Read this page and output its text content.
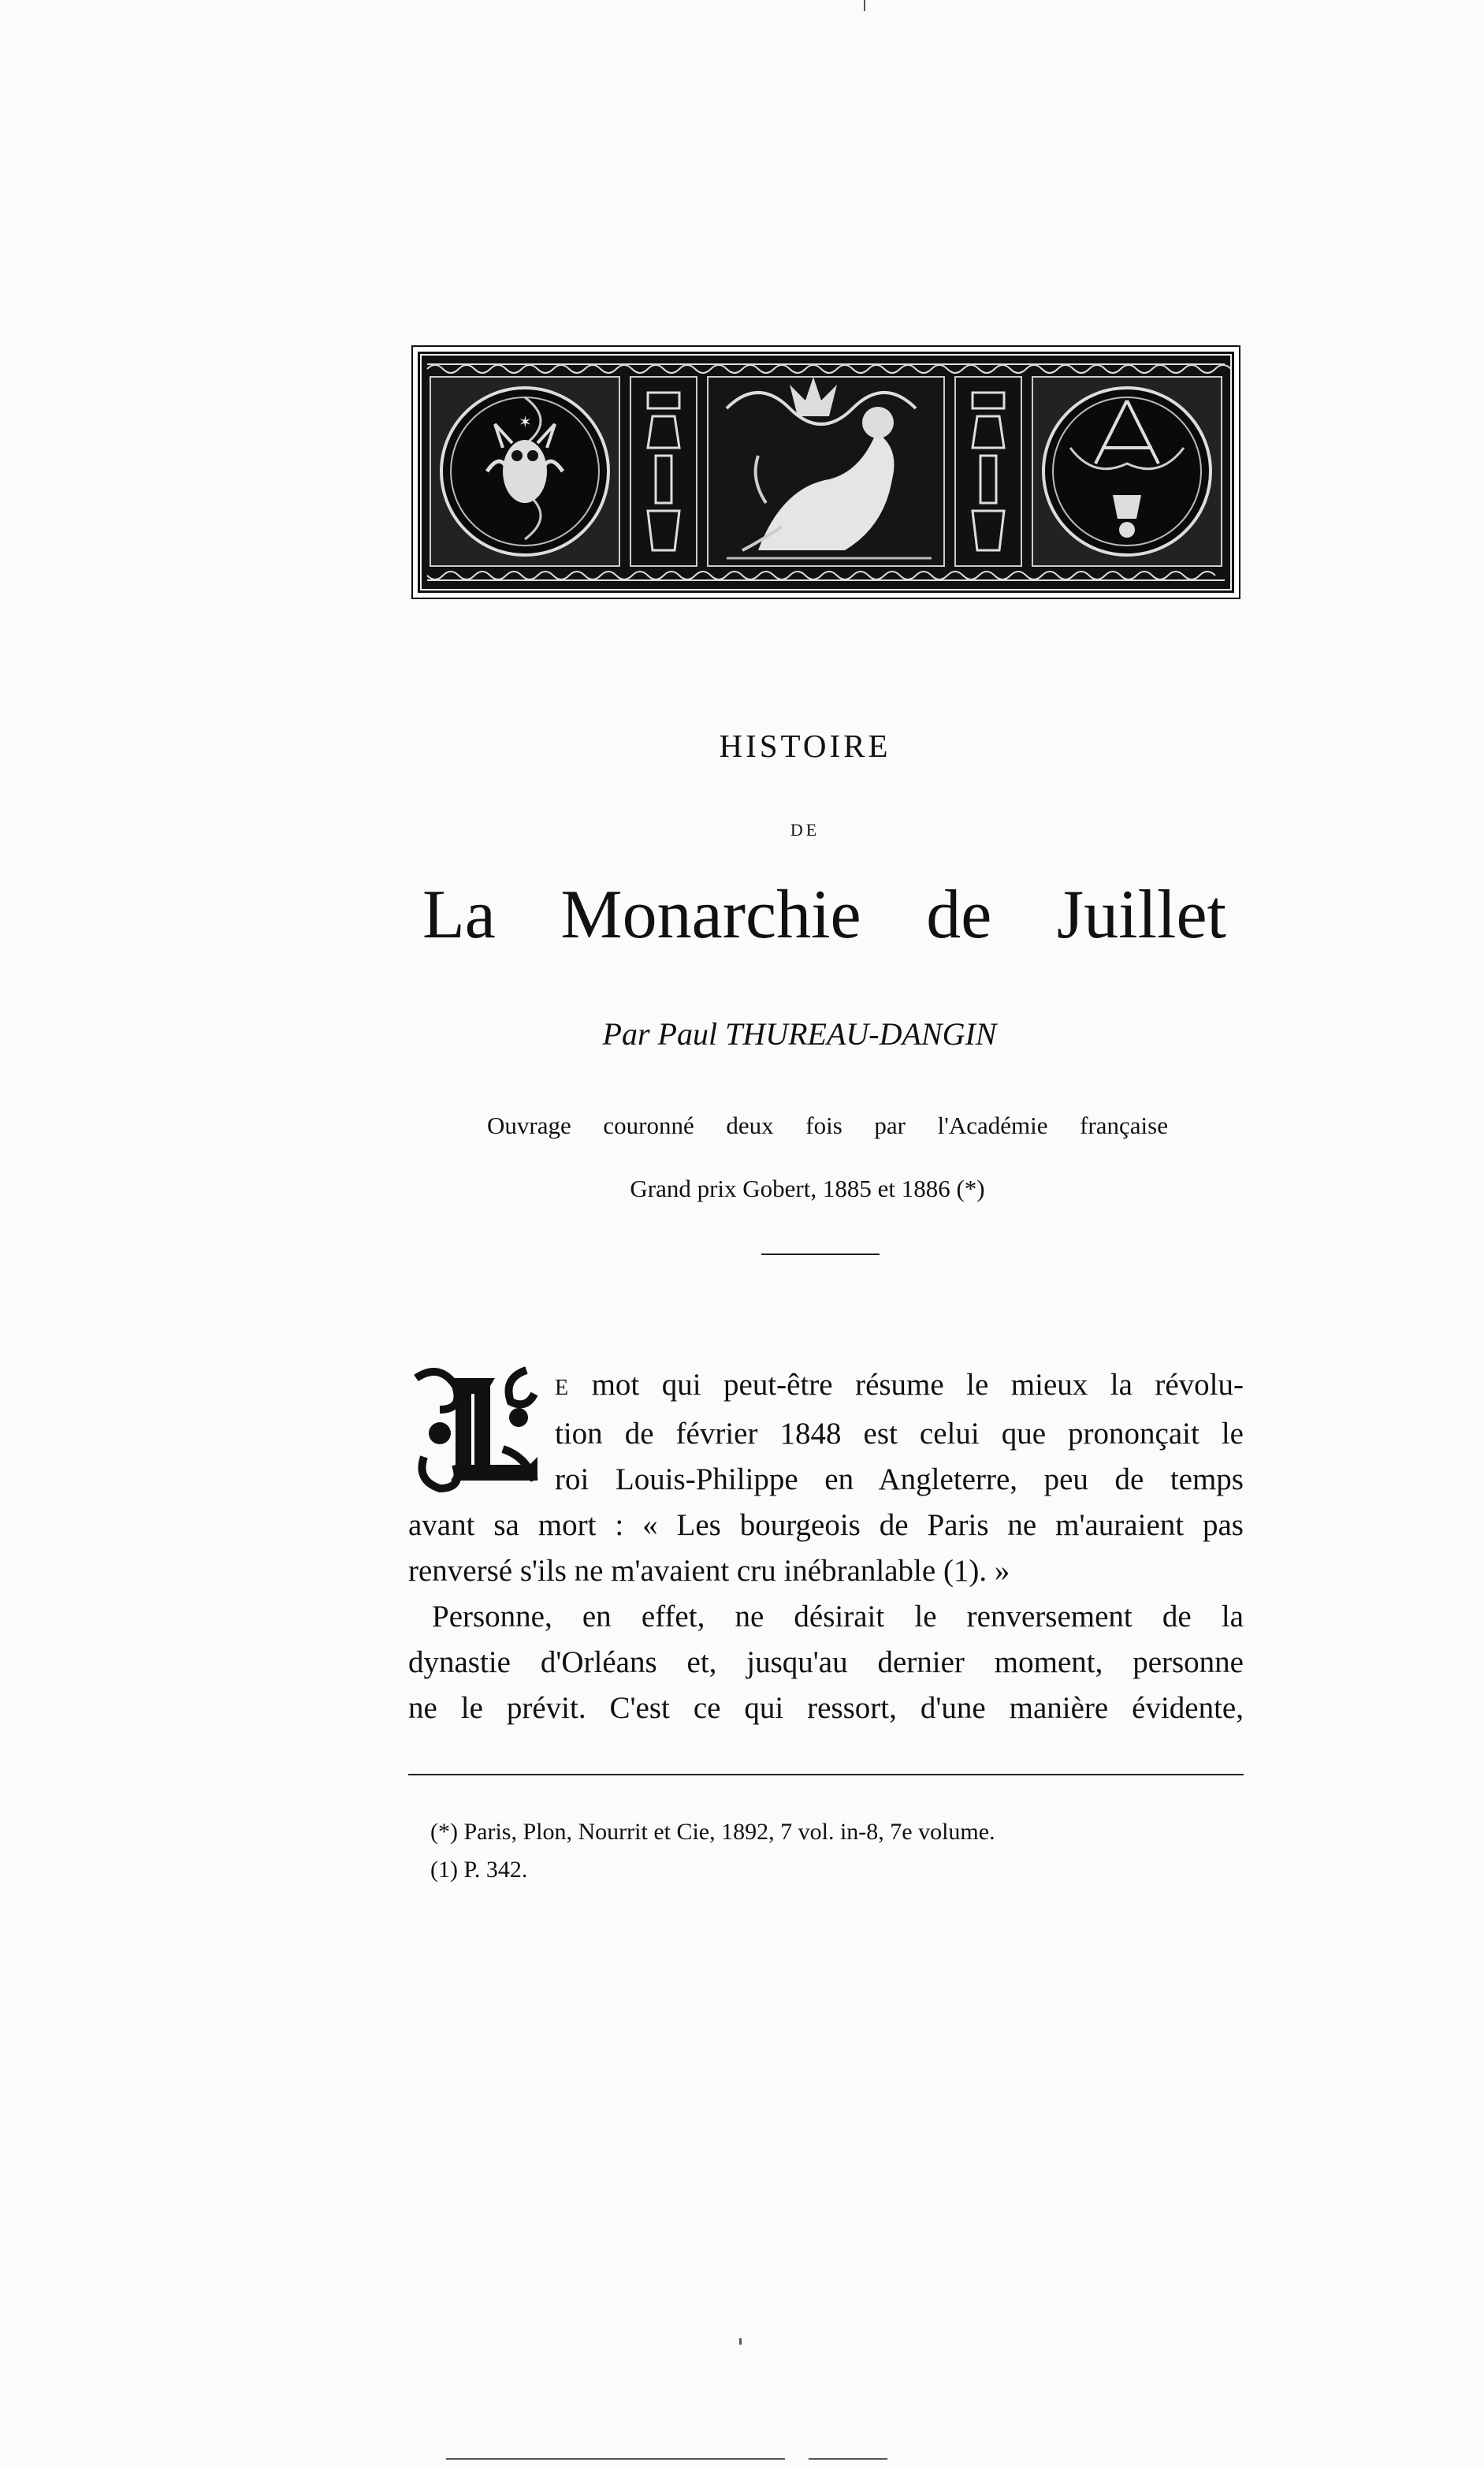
✶
HISTOIRE
DE
La Monarchie de Juillet
Par Paul THUREAU-DANGIN
Ouvrage couronné deux fois par l'Académie française
Grand prix Gobert, 1885 et 1886 (*)
E mot qui peut-être résume le mieux la révolu-
tion de février 1848 est celui que prononçait le
roi Louis-Philippe en Angleterre, peu de temps
avant sa mort : « Les bourgeois de Paris ne m'auraient pas
renversé s'ils ne m'avaient cru inébranlable (1). »
Personne, en effet, ne désirait le renversement de la
dynastie d'Orléans et, jusqu'au dernier moment, personne
ne le prévit. C'est ce qui ressort, d'une manière évidente,
(*) Paris, Plon, Nourrit et Cie, 1892, 7 vol. in-8, 7e volume.
(1) P. 342.
